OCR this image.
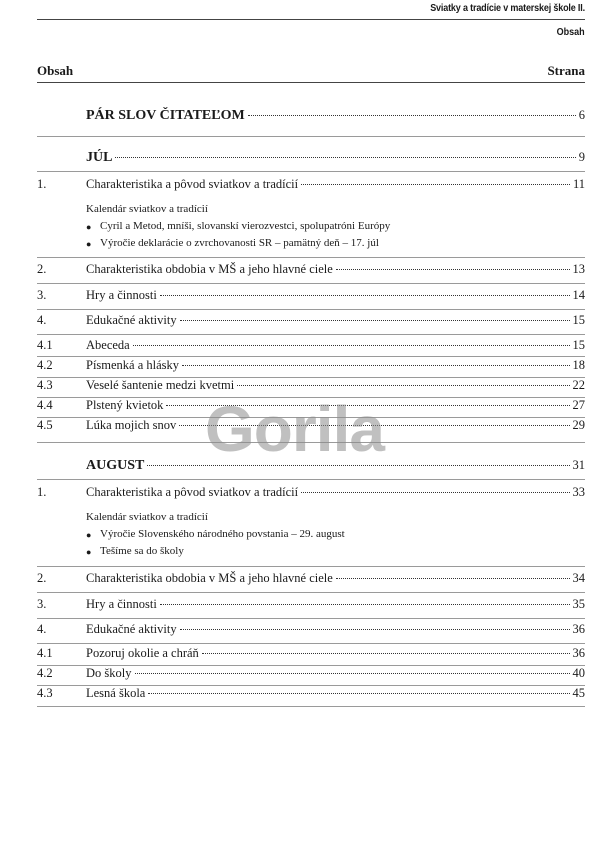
Sviatky a tradície v materskej škole II.
Obsah
Obsah	Strana
PÁR SLOV ČITATEĽOM	6
JÚL	9
1.	Charakteristika a pôvod sviatkov a tradícií	11
Kalendár sviatkov a tradícií
● Cyril a Metod, mníši, slovanskí vierozvestci, spolupatróni Európy
● Výročie deklarácie o zvrchovanosti SR – pamätný deň – 17. júl
2.	Charakteristika obdobia v MŠ a jeho hlavné ciele	13
3.	Hry a činnosti	14
4.	Edukačné aktivity	15
4.1	Abeceda	15
4.2	Písmenká a hlásky	18
4.3	Veselé šantenie medzi kvetmi	22
4.4	Plstený kvietok	27
4.5	Lúka mojich snov	29
AUGUST	31
1.	Charakteristika a pôvod sviatkov a tradícií	33
Kalendár sviatkov a tradícií
● Výročie Slovenského národného povstania – 29. august
● Tešíme sa do školy
2.	Charakteristika obdobia v MŠ a jeho hlavné ciele	34
3.	Hry a činnosti	35
4.	Edukačné aktivity	36
4.1	Pozoruj okolie a chráň	36
4.2	Do školy	40
4.3	Lesná škola	45
Gorila
